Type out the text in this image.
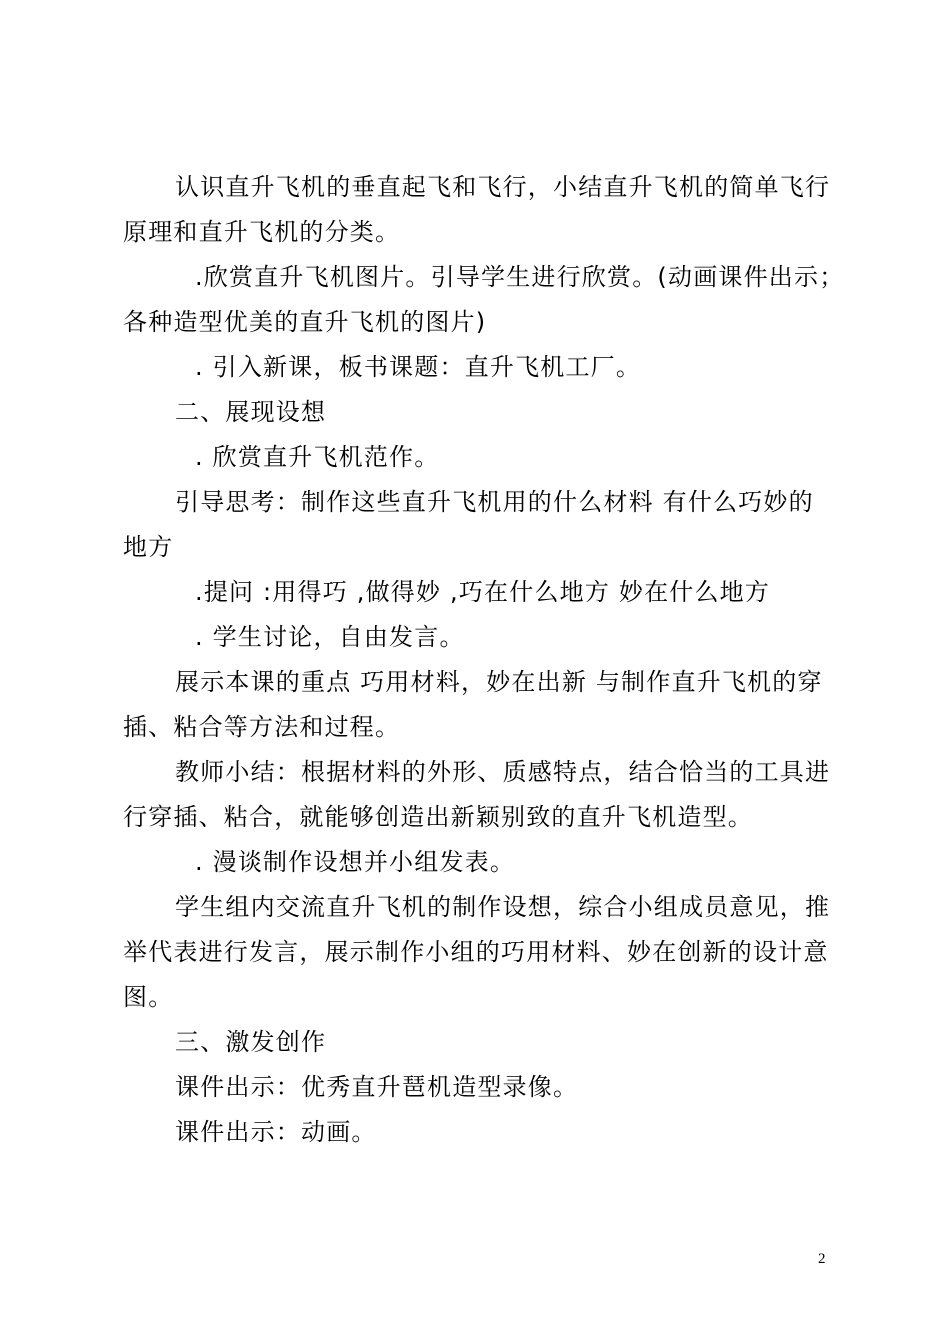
认识直升飞机的垂直起飞和飞行，小结直升飞机的简单飞行
原理和直升飞机的分类。
.欣赏直升飞机图片。引导学生进行欣赏。(动画课件出示；
各种造型优美的直升飞机的图片)
. 引入新课，板书课题：直升飞机工厂。
二、展现设想
. 欣赏直升飞机范作。
引导思考：制作这些直升飞机用的什么材料 有什么巧妙的
地方
.提问 :用得巧 ,做得妙 ,巧在什么地方 妙在什么地方
. 学生讨论，自由发言。
展示本课的重点 巧用材料，妙在出新 与制作直升飞机的穿
插、粘合等方法和过程。
教师小结：根据材料的外形、质感特点，结合恰当的工具进
行穿插、粘合，就能够创造出新颖别致的直升飞机造型。
. 漫谈制作设想并小组发表。
学生组内交流直升飞机的制作设想，综合小组成员意见，推
举代表进行发言，展示制作小组的巧用材料、妙在创新的设计意
图。
三、激发创作
课件出示：优秀直升琶机造型录像。
课件出示：动画。
2
